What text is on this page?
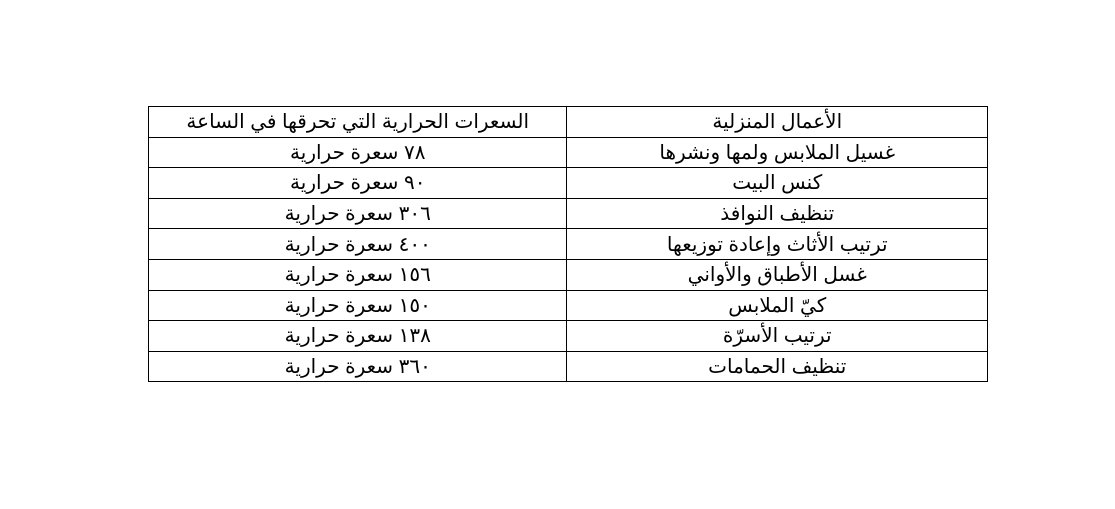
السعرات الحرارية التي تحرقها في الساعة	الأعمال المنزلية
٧٨ سعرة حرارية	غسيل الملابس ولمها ونشرها
٩٠ سعرة حرارية	كنس البيت
٣٠٦ سعرة حرارية	تنظيف النوافذ
٤٠٠ سعرة حرارية	ترتيب الأثاث وإعادة توزيعها
١٥٦ سعرة حرارية	غسل الأطباق والأواني
١٥٠ سعرة حرارية	كيّ الملابس
١٣٨ سعرة حرارية	ترتيب الأسرّة
٣٦٠ سعرة حرارية	تنظيف الحمامات
